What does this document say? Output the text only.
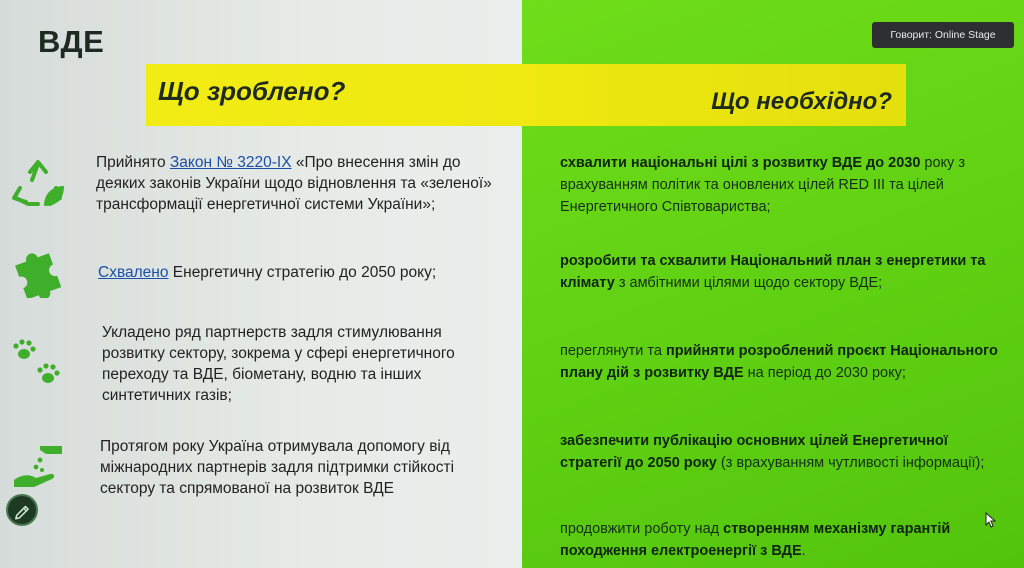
ВДЕ
Що зроблено?	Що необхідно?
Прийнято Закон № 3220-IX «Про внесення змін до деяких законів України щодо відновлення та «зеленої» трансформації енергетичної системи України»;
Схвалено Енергетичну стратегію до 2050 року;
Укладено ряд партнерств задля стимулювання розвитку сектору, зокрема у сфері енергетичного переходу та ВДЕ, біометану, водню та інших синтетичних газів;
Протягом року Україна отримувала допомогу від міжнародних партнерів задля підтримки стійкості сектору та спрямованої на розвиток ВДЕ
схвалити національні цілі з розвитку ВДЕ до 2030 року з врахуванням політик та оновлених цілей RED III та цілей Енергетичного Співтовариства;
розробити та схвалити Національний план з енергетики та клімату з амбітними цілями щодо сектору ВДЕ;
переглянути та прийняти розроблений проєкт Національного плану дій з розвитку ВДЕ на період до 2030 року;
забезпечити публікацію основних цілей Енергетичної стратегії до 2050 року (з врахуванням чутливості інформації);
продовжити роботу над створенням механізму гарантій походження електроенергії з ВДЕ.
Говорит: Online Stage
